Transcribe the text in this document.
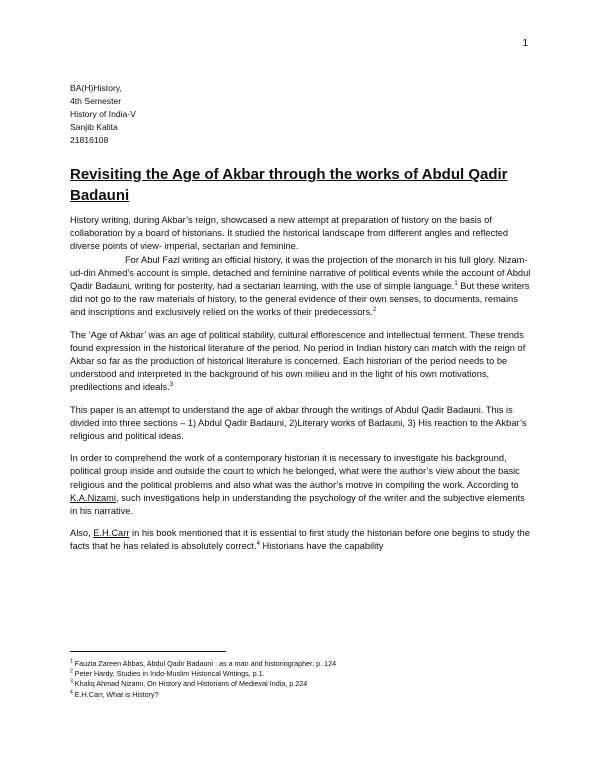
1
BA(H)History,
4th Semester
History of India-V
Sanjib Kalita
21816108
Revisiting the Age of Akbar through the works of Abdul Qadir Badauni

History writing, during Akbar’s reign, showcased a new attempt at preparation of history on the basis of collaboration by a board of historians. It studied the historical landscape from different angles and reflected diverse points of view- imperial, sectarian and feminine.

For Abul Fazl writing an official history, it was the projection of the monarch in his full glory. Nizam-ud-din Ahmed’s account is simple, detached and feminine narrative of political events while the account of Abdul Qadir Badauni, writing for posterity, had a sectarian learning, with the use of simple language.$^1$ But these writers did not go to the raw materials of history, to the general evidence of their own senses, to documents, remains and inscriptions and exclusively relied on the works of their predecessors.$^2$

The ‘Age of Akbar’ was an age of political stability, cultural efflorescence and intellectual ferment. These trends found expression in the historical literature of the period. No period in Indian history can match with the reign of Akbar so far as the production of historical literature is concerned. Each historian of the period needs to be understood and interpreted in the background of his own milieu and in the light of his own motivations, predilections and ideals.$^3$

This paper is an attempt to understand the age of akbar through the writings of Abdul Qadir Badauni. This is divided into three sections – 1) Abdul Qadir Badauni, 2)Literary works of Badauni, 3) His reaction to the Akbar’s religious and political ideas.

In order to comprehend the work of a contemporary historian it is necessary to investigate his background, political group inside and outside the court to which he belonged, what were the author’s view about the basic religious and the political problems and also what was the author’s motive in compiling the work. According to K.A.Nizami, such investigations help in understanding the psychology of the writer and the subjective elements in his narrative.

Also, E.H.Carr in his book mentioned that it is essential to first study the historian before one begins to study the facts that he has related is absolutely correct.$^4$ Historians have the capability

$^1$ Fauzia Zareen Abbas, Abdul Qadir Badauni : as a man and historiographer, p. 124
$^2$ Peter Hardy, Studies in Indo-Muslim Historical Writings, p.1.
$^3$ Khaliq Ahmad Nizami, On History and Historians of Medieval India, p.224
$^4$ E.H.Carr, What is History?
